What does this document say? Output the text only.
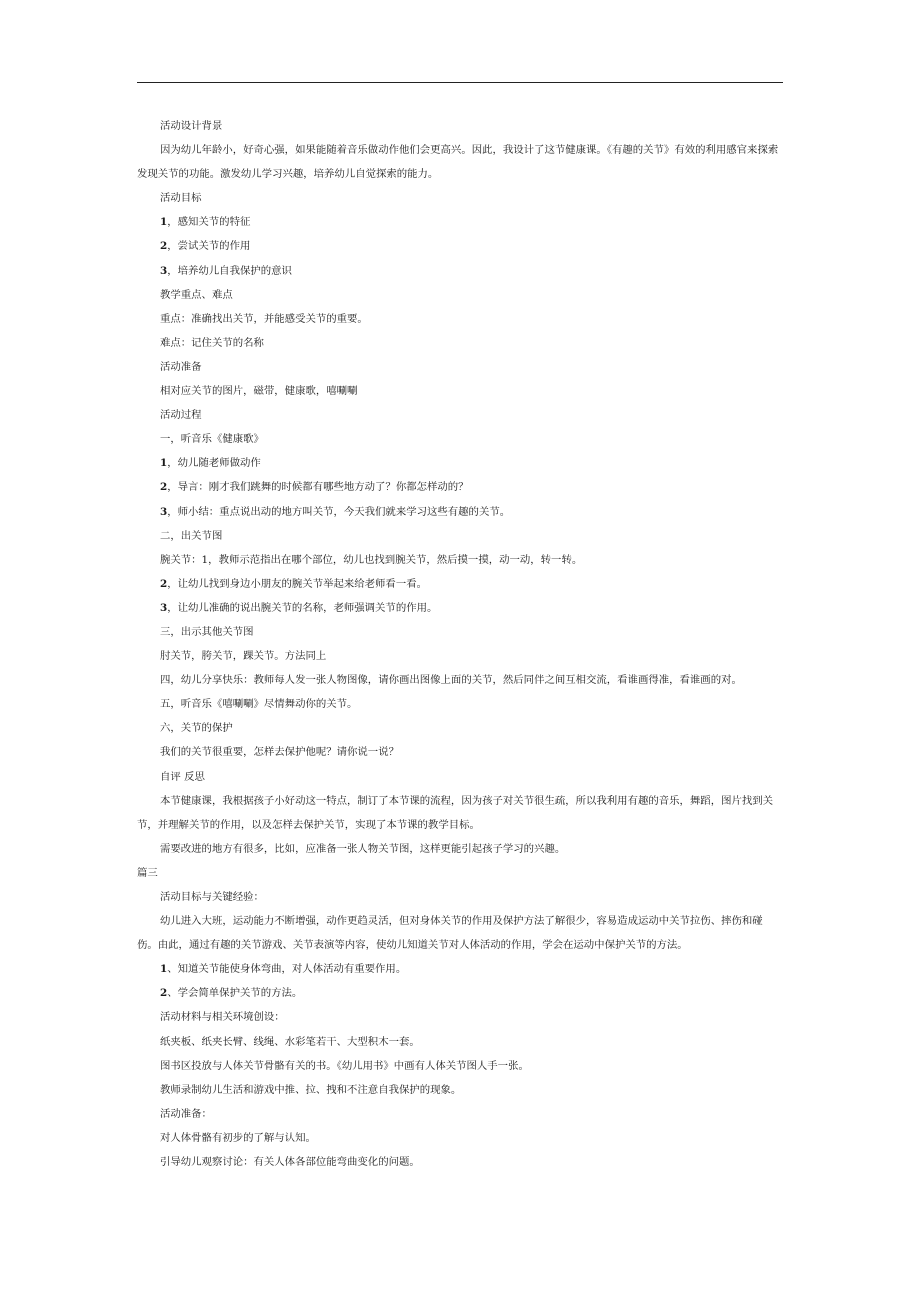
活动设计背景

因为幼儿年龄小，好奇心强，如果能随着音乐做动作他们会更高兴。因此，我设计了这节健康课。《有趣的关节》有效的利用感官来探索发现关节的功能。激发幼儿学习兴趣，培养幼儿自觉探索的能力。

活动目标

1，感知关节的特征

2，尝试关节的作用

3，培养幼儿自我保护的意识

教学重点、难点

重点：准确找出关节，并能感受关节的重要。

难点：记住关节的名称

活动准备

相对应关节的图片，磁带，健康歌，嘻唰唰

活动过程

一，听音乐《健康歌》

1，幼儿随老师做动作

2，导言：刚才我们跳舞的时候都有哪些地方动了？你都怎样动的？

3，师小结：重点说出动的地方叫关节，今天我们就来学习这些有趣的关节。

二，出关节图

腕关节：1，教师示范指出在哪个部位，幼儿也找到腕关节，然后摸一摸，动一动，转一转。

2，让幼儿找到身边小朋友的腕关节举起来给老师看一看。

3，让幼儿准确的说出腕关节的名称，老师强调关节的作用。

三，出示其他关节图

肘关节，胯关节，踝关节。方法同上

四，幼儿分享快乐：教师每人发一张人物图像，请你画出图像上面的关节，然后同伴之间互相交流，看谁画得准，看谁画的对。

五，听音乐《嘻唰唰》尽情舞动你的关节。

六，关节的保护

我们的关节很重要，怎样去保护他呢？请你说一说？

自评 反思

本节健康课，我根据孩子小好动这一特点，制订了本节课的流程，因为孩子对关节很生疏，所以我利用有趣的音乐，舞蹈，图片找到关节，并理解关节的作用，以及怎样去保护关节，实现了本节课的教学目标。

需要改进的地方有很多，比如，应准备一张人物关节图，这样更能引起孩子学习的兴趣。

篇三

活动目标与关键经验：

幼儿进入大班，运动能力不断增强，动作更趋灵活，但对身体关节的作用及保护方法了解很少，容易造成运动中关节拉伤、摔伤和碰伤。由此，通过有趣的关节游戏、关节表演等内容，使幼儿知道关节对人体活动的作用，学会在运动中保护关节的方法。

1、知道关节能使身体弯曲，对人体活动有重要作用。

2、学会简单保护关节的方法。

活动材料与相关环境创设：

纸夹板、纸夹长臂、线绳、水彩笔若干、大型积木一套。

图书区投放与人体关节骨骼有关的书。《幼儿用书》中画有人体关节图人手一张。

教师录制幼儿生活和游戏中推、拉、拽和不注意自我保护的现象。

活动准备：

对人体骨骼有初步的了解与认知。

引导幼儿观察讨论：有关人体各部位能弯曲变化的问题。
